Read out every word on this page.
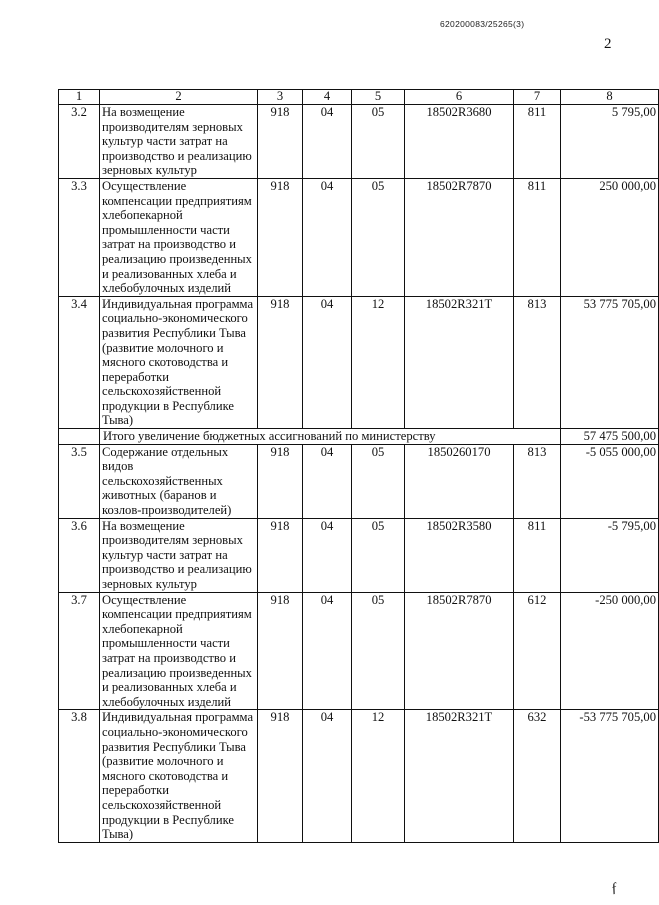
620200083/25265(3)
2
1	2	3	4	5	6	7	8
3.2	На возмещение производителям зерновых культур части затрат на производство и реализацию зерновых культур	918	04	05	18502R3680	811	5 795,00
3.3	Осуществление компенсации предприятиям хлебопекарной промышленности части затрат на производство и реализацию произведенных и реализованных хлеба и хлебобулочных изделий	918	04	05	18502R7870	811	250 000,00
3.4	Индивидуальная программа социально-экономического развития Республики Тыва (развитие молочного и мясного скотоводства и переработки сельскохозяйственной продукции в Республике Тыва)	918	04	12	18502R321T	813	53 775 705,00
	Итого увеличение бюджетных ассигнований по министерству						57 475 500,00
3.5	Содержание отдельных видов сельскохозяйственных животных (баранов и козлов-производителей)	918	04	05	1850260170	813	-5 055 000,00
3.6	На возмещение производителям зерновых культур части затрат на производство и реализацию зерновых культур	918	04	05	18502R3580	811	-5 795,00
3.7	Осуществление компенсации предприятиям хлебопекарной промышленности части затрат на производство и реализацию произведенных и реализованных хлеба и хлебобулочных изделий	918	04	05	18502R7870	612	-250 000,00
3.8	Индивидуальная программа социально-экономического развития Республики Тыва (развитие молочного и мясного скотоводства и переработки сельскохозяйственной продукции в Республике Тыва)	918	04	12	18502R321T	632	-53 775 705,00
ƒ
